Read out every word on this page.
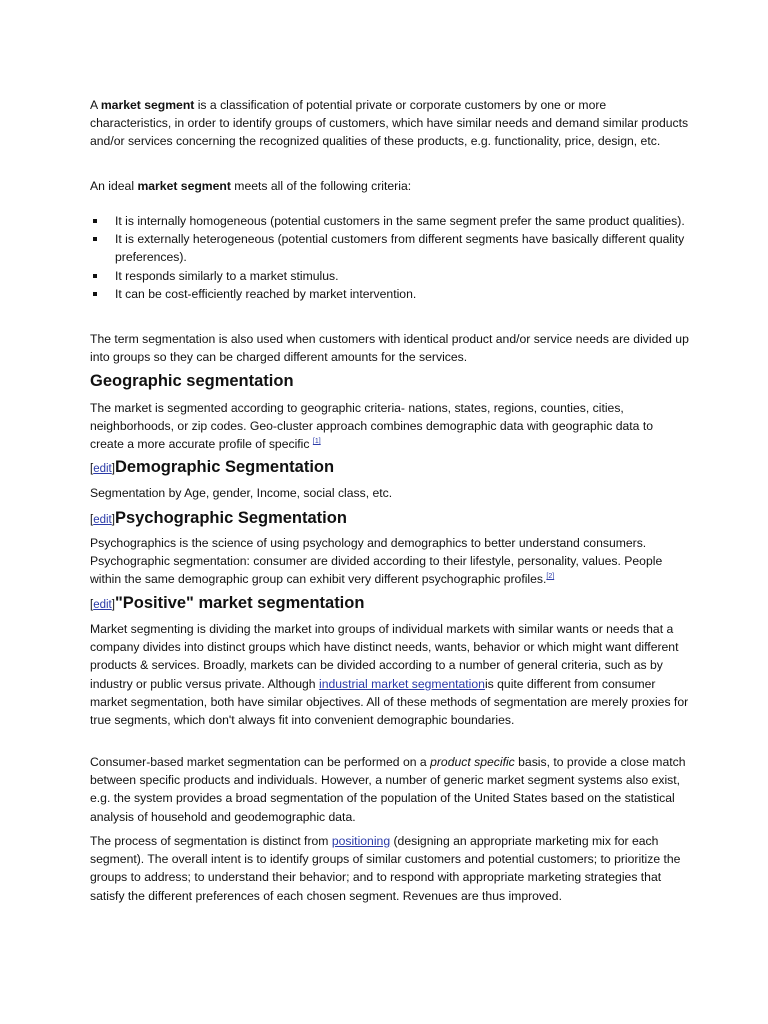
A market segment is a classification of potential private or corporate customers by one or more characteristics, in order to identify groups of customers, which have similar needs and demand similar products and/or services concerning the recognized qualities of these products, e.g. functionality, price, design, etc.

An ideal market segment meets all of the following criteria:

It is internally homogeneous (potential customers in the same segment prefer the same product qualities).
It is externally heterogeneous (potential customers from different segments have basically different quality preferences).
It responds similarly to a market stimulus.
It can be cost-efficiently reached by market intervention.

The term segmentation is also used when customers with identical product and/or service needs are divided up into groups so they can be charged different amounts for the services.

Geographic segmentation

The market is segmented according to geographic criteria- nations, states, regions, counties, cities, neighborhoods, or zip codes. Geo-cluster approach combines demographic data with geographic data to create a more accurate profile of specific [1]

[edit]Demographic Segmentation

Segmentation by Age, gender, Income, social class, etc.

[edit]Psychographic Segmentation

Psychographics is the science of using psychology and demographics to better understand consumers. Psychographic segmentation: consumer are divided according to their lifestyle, personality, values. People within the same demographic group can exhibit very different psychographic profiles.[2]

[edit]"Positive" market segmentation

Market segmenting is dividing the market into groups of individual markets with similar wants or needs that a company divides into distinct groups which have distinct needs, wants, behavior or which might want different products & services. Broadly, markets can be divided according to a number of general criteria, such as by industry or public versus private. Although industrial market segmentationis quite different from consumer market segmentation, both have similar objectives. All of these methods of segmentation are merely proxies for true segments, which don't always fit into convenient demographic boundaries.

Consumer-based market segmentation can be performed on a product specific basis, to provide a close match between specific products and individuals. However, a number of generic market segment systems also exist, e.g. the system provides a broad segmentation of the population of the United States based on the statistical analysis of household and geodemographic data.

The process of segmentation is distinct from positioning (designing an appropriate marketing mix for each segment). The overall intent is to identify groups of similar customers and potential customers; to prioritize the groups to address; to understand their behavior; and to respond with appropriate marketing strategies that satisfy the different preferences of each chosen segment. Revenues are thus improved.
